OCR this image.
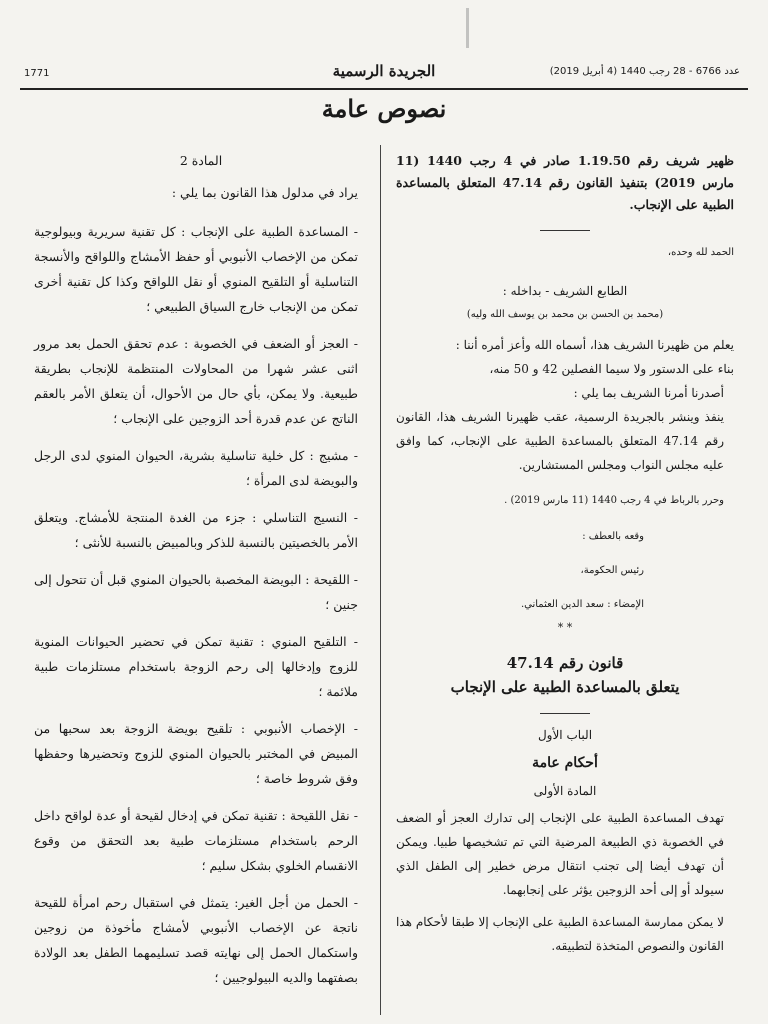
عدد 6766 - 28 رجب 1440 (4 أبريل 2019)
الجريدة الرسمية
1771
نصوص عامة

ظهير شريف رقم 1.19.50 صادر في 4 رجب 1440 (11 مارس 2019) بتنفيذ القانون رقم 47.14 المتعلق بالمساعدة الطبية على الإنجاب.

الحمد لله وحده،

الطابع الشريف - بداخله :

(محمد بن الحسن بن محمد بن يوسف الله وليه)

يعلم من ظهيرنا الشريف هذا، أسماه الله وأعز أمره أننا :

بناء على الدستور ولا سيما الفصلين 42 و 50 منه،

أصدرنا أمرنا الشريف بما يلي :

ينفذ وينشر بالجريدة الرسمية، عقب ظهيرنا الشريف هذا، القانون رقم 47.14 المتعلق بالمساعدة الطبية على الإنجاب، كما وافق عليه مجلس النواب ومجلس المستشارين.

وحرر بالرباط في 4 رجب 1440 (11 مارس 2019) .

وقعه بالعطف :

رئيس الحكومة،

الإمضاء : سعد الدين العثماني.

* *

قانون رقم 47.14

يتعلق بالمساعدة الطبية على الإنجاب

الباب الأول

أحكام عامة

المادة الأولى

تهدف المساعدة الطبية على الإنجاب إلى تدارك العجز أو الضعف في الخصوبة ذي الطبيعة المرضية التي تم تشخيصها طبيا. ويمكن أن تهدف أيضا إلى تجنب انتقال مرض خطير إلى الطفل الذي سيولد أو إلى أحد الزوجين يؤثر على إنجابهما.

لا يمكن ممارسة المساعدة الطبية على الإنجاب إلا طبقا لأحكام هذا القانون والنصوص المتخذة لتطبيقه.

المادة 2

يراد في مدلول هذا القانون بما يلي :

- المساعدة الطبية على الإنجاب : كل تقنية سريرية وبيولوجية تمكن من الإخصاب الأنبوبي أو حفظ الأمشاج واللواقح والأنسجة التناسلية أو التلقيح المنوي أو نقل اللواقح وكذا كل تقنية أخرى تمكن من الإنجاب خارج السياق الطبيعي ؛

- العجز أو الضعف في الخصوبة : عدم تحقق الحمل بعد مرور اثنى عشر شهرا من المحاولات المنتظمة للإنجاب بطريقة طبيعية. ولا يمكن، بأي حال من الأحوال، أن يتعلق الأمر بالعقم الناتج عن عدم قدرة أحد الزوجين على الإنجاب ؛

- مشيج : كل خلية تناسلية بشرية، الحيوان المنوي لدى الرجل والبويضة لدى المرأة ؛

- النسيج التناسلي : جزء من الغدة المنتجة للأمشاج. ويتعلق الأمر بالخصيتين بالنسبة للذكر وبالمبيض بالنسبة للأنثى ؛

- اللقيحة : البويضة المخصبة بالحيوان المنوي قبل أن تتحول إلى جنين ؛

- التلقيح المنوي : تقنية تمكن في تحضير الحيوانات المنوية للزوج وإدخالها إلى رحم الزوجة باستخدام مستلزمات طبية ملائمة ؛

- الإخصاب الأنبوبي : تلقيح بويضة الزوجة بعد سحبها من المبيض في المختبر بالحيوان المنوي للزوج وتحضيرها وحفظها وفق شروط خاصة ؛

- نقل اللقيحة : تقنية تمكن في إدخال لقيحة أو عدة لواقح داخل الرحم باستخدام مستلزمات طبية بعد التحقق من وقوع الانقسام الخلوي بشكل سليم ؛

- الحمل من أجل الغير: يتمثل في استقبال رحم امرأة للقيحة ناتجة عن الإخصاب الأنبوبي لأمشاج مأخوذة من زوجين واستكمال الحمل إلى نهايته قصد تسليمهما الطفل بعد الولادة بصفتهما والديه البيولوجيين ؛
